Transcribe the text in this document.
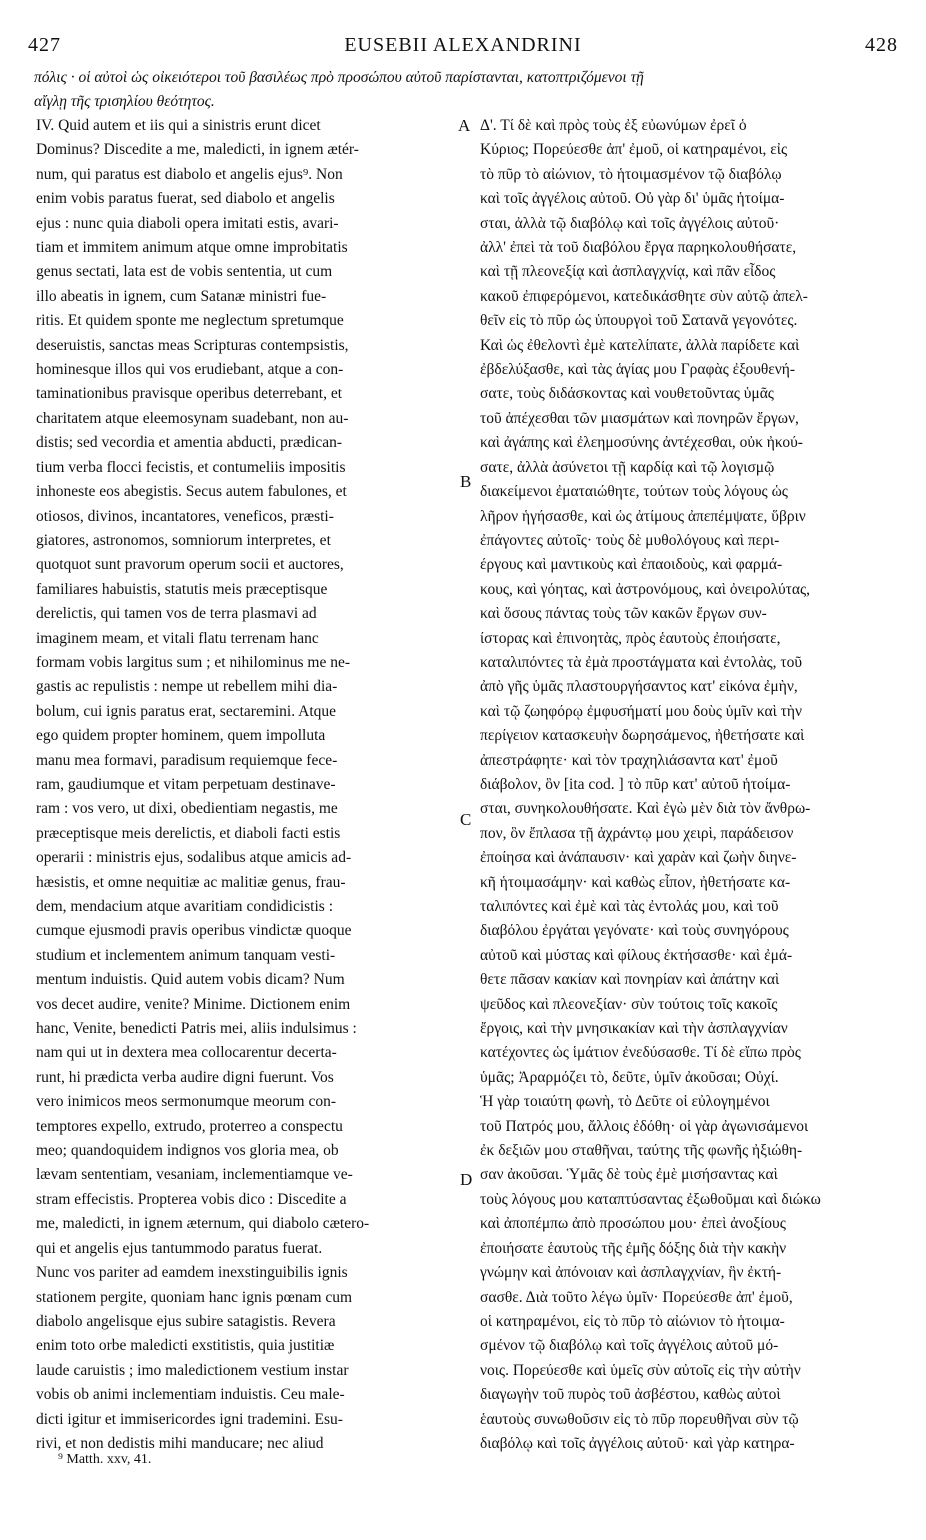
427	EUSEBII ALEXANDRINI	428
πόλις · οἱ αὐτοὶ ὡς οἰκειότεροι τοῦ βασιλέως πρὸ προσώπου αὐτοῦ παρίστανται, κατοπτριζόμενοι τῇ
αἴγλῃ τῆς τρισηλίου θεότητος.
IV. Quid autem et iis qui a sinistris erunt dicet
Dominus? Discedite a me, maledicti, in ignem ætér-
num, qui paratus est diabolo et angelis ejus⁹. Non
enim vobis paratus fuerat, sed diabolo et angelis
ejus : nunc quia diaboli opera imitati estis, avari-
tiam et immitem animum atque omne improbitatis
genus sectati, lata est de vobis sententia, ut cum
illo abeatis in ignem, cum Satanæ ministri fue-
ritis. Et quidem sponte me neglectum spretumque
deseruistis, sanctas meas Scripturas contempsistis,
hominesque illos qui vos erudiebant, atque a con-
taminationibus pravisque operibus deterrebant, et
charitatem atque eleemosynam suadebant, non au-
distis; sed vecordia et amentia abducti, prædican-
tium verba flocci fecistis, et contumeliis impositis
inhoneste eos abegistis. Secus autem fabulones, et
otiosos, divinos, incantatores, veneficos, præsti-
giatores, astronomos, somniorum interpretes, et
quotquot sunt pravorum operum socii et auctores,
familiares habuistis, statutis meis præceptisque
derelictis, qui tamen vos de terra plasmavi ad
imaginem meam, et vitali flatu terrenam hanc
formam vobis largitus sum ; et nihilominus me ne-
gastis ac repulistis : nempe ut rebellem mihi dia-
bolum, cui ignis paratus erat, sectaremini. Atque
ego quidem propter hominem, quem impolluta
manu mea formavi, paradisum requiemque fece-
ram, gaudiumque et vitam perpetuam destinave-
ram : vos vero, ut dixi, obedientiam negastis, me
præceptisque meis derelictis, et diaboli facti estis
operarii : ministris ejus, sodalibus atque amicis ad-
hæsistis, et omne nequitiæ ac malitiæ genus, frau-
dem, mendacium atque avaritiam condidicistis :
cumque ejusmodi pravis operibus vindictæ quoque
studium et inclementem animum tanquam vesti-
mentum induistis. Quid autem vobis dicam? Num
vos decet audire, venite? Minime. Dictionem enim
hanc, Venite, benedicti Patris mei, aliis indulsimus :
nam qui ut in dextera mea collocarentur decerta-
runt, hi prædicta verba audire digni fuerunt. Vos
vero inimicos meos sermonumque meorum con-
temptores expello, extrudo, proterreo a conspectu
meo; quandoquidem indignos vos gloria mea, ob
lævam sententiam, vesaniam, inclementiamque ve-
stram effecistis. Propterea vobis dico : Discedite a
me, maledicti, in ignem æternum, qui diabolo cætero-
qui et angelis ejus tantummodo paratus fuerat.
Nunc vos pariter ad eamdem inexstinguibilis ignis
stationem pergite, quoniam hanc ignis pœnam cum
diabolo angelisque ejus subire satagistis. Revera
enim toto orbe maledicti exstitistis, quia justitiæ
laude caruistis ; imo maledictionem vestium instar
vobis ob animi inclementiam induistis. Ceu male-
dicti igitur et immisericordes igni trademini. Esu-
rivi, et non dedistis mihi manducare; nec aliud
Δ'. Τί δὲ καὶ πρὸς τοὺς ἐξ εὐωνύμων ἐρεῖ ὁ
Κύριος; Πορεύεσθε ἀπ' ἐμοῦ, οἱ κατηραμένοι, εἰς
τὸ πῦρ τὸ αἰώνιον, τὸ ἡτοιμασμένον τῷ διαβόλῳ
καὶ τοῖς ἀγγέλοις αὐτοῦ. Οὐ γὰρ δι' ὑμᾶς ἡτοίμα-
σται, ἀλλὰ τῷ διαβόλῳ καὶ τοῖς ἀγγέλοις αὐτοῦ·
ἀλλ' ἐπεὶ τὰ τοῦ διαβόλου ἔργα παρηκολουθήσατε,
καὶ τῇ πλεονεξίᾳ καὶ ἀσπλαγχνίᾳ, καὶ πᾶν εἶδος
κακοῦ ἐπιφερόμενοι, κατεδικάσθητε σὺν αὐτῷ ἀπελ-
θεῖν εἰς τὸ πῦρ ὡς ὑπουργοὶ τοῦ Σατανᾶ γεγονότες.
Καὶ ὡς ἐθελοντὶ ἐμὲ κατελίπατε, ἀλλὰ παρίδετε καὶ
ἐβδελύξασθε, καὶ τὰς ἁγίας μου Γραφὰς ἐξουθενή-
σατε, τοὺς διδάσκοντας καὶ νουθετοῦντας ὑμᾶς
τοῦ ἀπέχεσθαι τῶν μιασμάτων καὶ πονηρῶν ἔργων,
καὶ ἀγάπης καὶ ἐλεημοσύνης ἀντέχεσθαι, οὐκ ἠκού-
σατε, ἀλλὰ ἀσύνετοι τῇ καρδίᾳ καὶ τῷ λογισμῷ
διακείμενοι ἐματαιώθητε, τούτων τοὺς λόγους ὡς
λῆρον ἡγήσασθε, καὶ ὡς ἀτίμους ἀπεπέμψατε, ὕβριν
ἐπάγοντες αὐτοῖς· τοὺς δὲ μυθολόγους καὶ περι-
έργους καὶ μαντικοὺς καὶ ἐπαοιδοὺς, καὶ φαρμά-
κους, καὶ γόητας, καὶ ἀστρονόμους, καὶ ὀνειρολύτας,
καὶ ὅσους πάντας τοὺς τῶν κακῶν ἔργων συν-
ίστορας καὶ ἐπινοητὰς, πρὸς ἑαυτοὺς ἐποιήσατε,
καταλιπόντες τὰ ἐμὰ προστάγματα καὶ ἐντολὰς, τοῦ
ἀπὸ γῆς ὑμᾶς πλαστουργήσαντος κατ' εἰκόνα ἐμὴν,
καὶ τῷ ζωηφόρῳ ἐμφυσήματί μου δοὺς ὑμῖν καὶ τὴν
περίγειον κατασκευὴν δωρησάμενος, ἠθετήσατε καὶ
ἀπεστράφητε· καὶ τὸν τραχηλιάσαντα κατ' ἐμοῦ
διάβολον, ὃν [ita cod. ] τὸ πῦρ κατ' αὐτοῦ ἡτοίμα-
σται, συνηκολουθήσατε. Καὶ ἐγὼ μὲν διὰ τὸν ἄνθρω-
πον, ὃν ἔπλασα τῇ ἀχράντῳ μου χειρὶ, παράδεισον
ἐποίησα καὶ ἀνάπαυσιν· καὶ χαρὰν καὶ ζωὴν διηνε-
κῆ ἡτοιμασάμην· καὶ καθὼς εἶπον, ἠθετήσατε κα-
ταλιπόντες καὶ ἐμὲ καὶ τὰς ἐντολάς μου, καὶ τοῦ
διαβόλου ἐργάται γεγόνατε· καὶ τοὺς συνηγόρους
αὐτοῦ καὶ μύστας καὶ φίλους ἐκτήσασθε· καὶ ἐμά-
θετε πᾶσαν κακίαν καὶ πονηρίαν καὶ ἀπάτην καὶ
ψεῦδος καὶ πλεονεξίαν· σὺν τούτοις τοῖς κακοῖς
ἔργοις, καὶ τὴν μνησικακίαν καὶ τὴν ἀσπλαγχνίαν
κατέχοντες ὡς ἱμάτιον ἐνεδύσασθε. Τί δὲ εἴπω πρὸς
ὑμᾶς; Ἀραρμόζει τὸ, δεῦτε, ὑμῖν ἀκοῦσαι; Οὐχί.
Ἡ γὰρ τοιαύτη φωνὴ, τὸ Δεῦτε οἱ εὐλογημένοι
τοῦ Πατρός μου, ἄλλοις ἐδόθη· οἱ γὰρ ἀγωνισάμενοι
ἐκ δεξιῶν μου σταθῆναι, ταύτης τῆς φωνῆς ἠξιώθη-
σαν ἀκοῦσαι. Ὑμᾶς δὲ τοὺς ἐμὲ μισήσαντας καὶ
τοὺς λόγους μου καταπτύσαντας ἐξωθοῦμαι καὶ διώκω
καὶ ἀποπέμπω ἀπὸ προσώπου μου· ἐπεὶ ἀνοξίους
ἐποιήσατε ἑαυτοὺς τῆς ἐμῆς δόξης διὰ τὴν κακὴν
γνώμην καὶ ἀπόνοιαν καὶ ἀσπλαγχνίαν, ἣν ἐκτή-
σασθε. Διὰ τοῦτο λέγω ὑμῖν· Πορεύεσθε ἀπ' ἐμοῦ,
οἱ κατηραμένοι, εἰς τὸ πῦρ τὸ αἰώνιον τὸ ἡτοιμα-
σμένον τῷ διαβόλῳ καὶ τοῖς ἀγγέλοις αὐτοῦ μό-
νοις. Πορεύεσθε καὶ ὑμεῖς σὺν αὐτοῖς εἰς τὴν αὐτὴν
διαγωγὴν τοῦ πυρὸς τοῦ ἀσβέστου, καθὼς αὐτοὶ
ἑαυτοὺς συνωθοῦσιν εἰς τὸ πῦρ πορευθῆναι σὺν τῷ
διαβόλῳ καὶ τοῖς ἀγγέλοις αὐτοῦ· καὶ γὰρ κατηρα-
A
B
C
D
⁹ Matth. xxv, 41.
